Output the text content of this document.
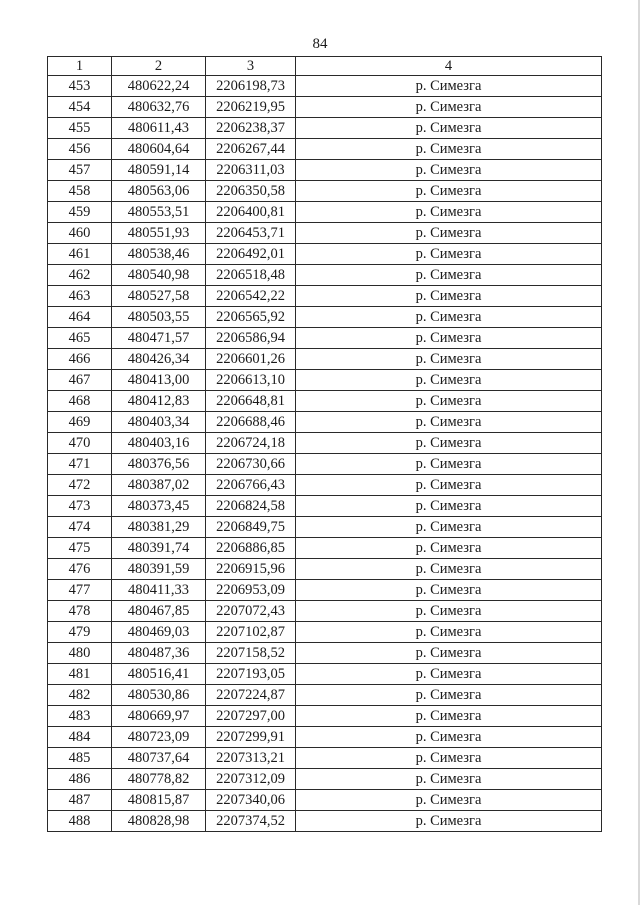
84
1	2	3	4
453	480622,24	2206198,73	р. Симезга
454	480632,76	2206219,95	р. Симезга
455	480611,43	2206238,37	р. Симезга
456	480604,64	2206267,44	р. Симезга
457	480591,14	2206311,03	р. Симезга
458	480563,06	2206350,58	р. Симезга
459	480553,51	2206400,81	р. Симезга
460	480551,93	2206453,71	р. Симезга
461	480538,46	2206492,01	р. Симезга
462	480540,98	2206518,48	р. Симезга
463	480527,58	2206542,22	р. Симезга
464	480503,55	2206565,92	р. Симезга
465	480471,57	2206586,94	р. Симезга
466	480426,34	2206601,26	р. Симезга
467	480413,00	2206613,10	р. Симезга
468	480412,83	2206648,81	р. Симезга
469	480403,34	2206688,46	р. Симезга
470	480403,16	2206724,18	р. Симезга
471	480376,56	2206730,66	р. Симезга
472	480387,02	2206766,43	р. Симезга
473	480373,45	2206824,58	р. Симезга
474	480381,29	2206849,75	р. Симезга
475	480391,74	2206886,85	р. Симезга
476	480391,59	2206915,96	р. Симезга
477	480411,33	2206953,09	р. Симезга
478	480467,85	2207072,43	р. Симезга
479	480469,03	2207102,87	р. Симезга
480	480487,36	2207158,52	р. Симезга
481	480516,41	2207193,05	р. Симезга
482	480530,86	2207224,87	р. Симезга
483	480669,97	2207297,00	р. Симезга
484	480723,09	2207299,91	р. Симезга
485	480737,64	2207313,21	р. Симезга
486	480778,82	2207312,09	р. Симезга
487	480815,87	2207340,06	р. Симезга
488	480828,98	2207374,52	р. Симезга
